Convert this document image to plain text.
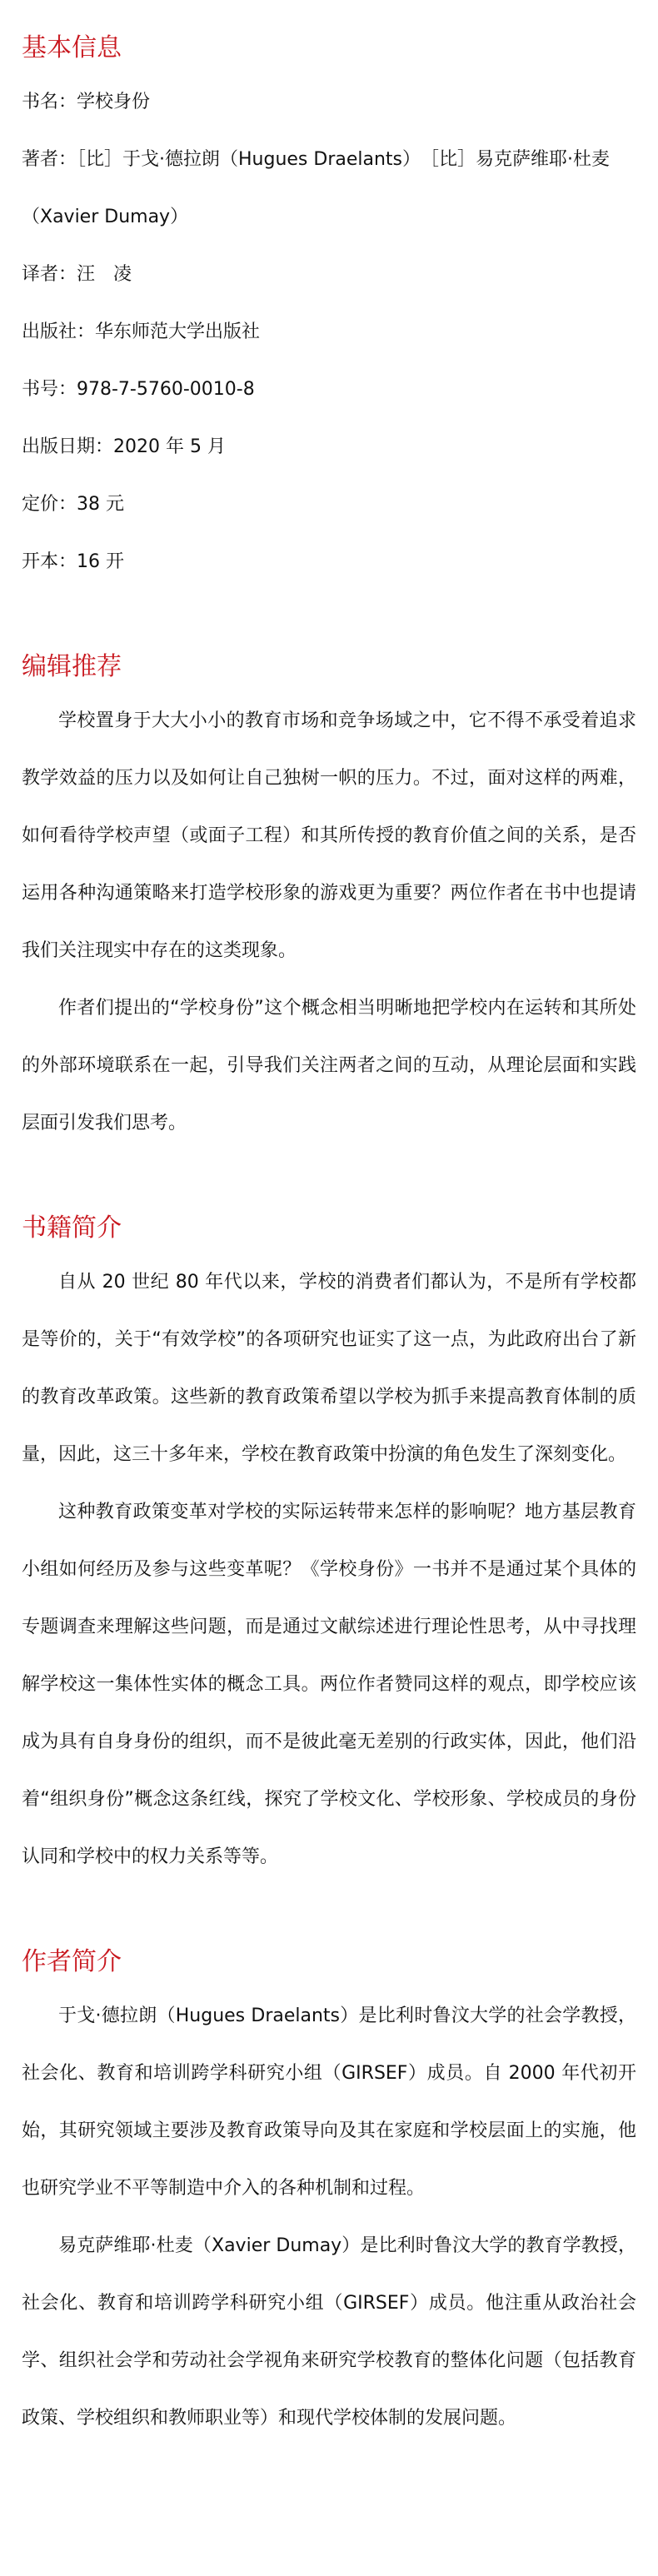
基本信息

书名：学校身份

著者：［比］于戈·德拉朗（Hugues Draelants）　［比］易克萨维耶·杜麦（Xavier Dumay）

译者：汪　凌

出版社：华东师范大学出版社

书号：978-7-5760-0010-8

出版日期：2020 年 5 月

定价：38 元

开本：16 开

编辑推荐

学校置身于大大小小的教育市场和竞争场域之中，它不得不承受着追求教学效益的压力以及如何让自己独树一帜的压力。不过，面对这样的两难，如何看待学校声望（或面子工程）和其所传授的教育价值之间的关系，是否运用各种沟通策略来打造学校形象的游戏更为重要？两位作者在书中也提请我们关注现实中存在的这类现象。

作者们提出的“学校身份”这个概念相当明晰地把学校内在运转和其所处的外部环境联系在一起，引导我们关注两者之间的互动，从理论层面和实践层面引发我们思考。

书籍简介

自从 20 世纪 80 年代以来，学校的消费者们都认为，不是所有学校都是等价的，关于“有效学校”的各项研究也证实了这一点，为此政府出台了新的教育改革政策。这些新的教育政策希望以学校为抓手来提高教育体制的质量，因此，这三十多年来，学校在教育政策中扮演的角色发生了深刻变化。

这种教育政策变革对学校的实际运转带来怎样的影响呢？地方基层教育小组如何经历及参与这些变革呢？《学校身份》一书并不是通过某个具体的专题调查来理解这些问题，而是通过文献综述进行理论性思考，从中寻找理解学校这一集体性实体的概念工具。两位作者赞同这样的观点，即学校应该成为具有自身身份的组织，而不是彼此毫无差别的行政实体，因此，他们沿着“组织身份”概念这条红线，探究了学校文化、学校形象、学校成员的身份认同和学校中的权力关系等等。

作者简介

于戈·德拉朗（Hugues Draelants）是比利时鲁汶大学的社会学教授，社会化、教育和培训跨学科研究小组（GIRSEF）成员。自 2000 年代初开始，其研究领域主要涉及教育政策导向及其在家庭和学校层面上的实施，他也研究学业不平等制造中介入的各种机制和过程。

易克萨维耶·杜麦（Xavier Dumay）是比利时鲁汶大学的教育学教授，社会化、教育和培训跨学科研究小组（GIRSEF）成员。他注重从政治社会学、组织社会学和劳动社会学视角来研究学校教育的整体化问题（包括教育政策、学校组织和教师职业等）和现代学校体制的发展问题。
